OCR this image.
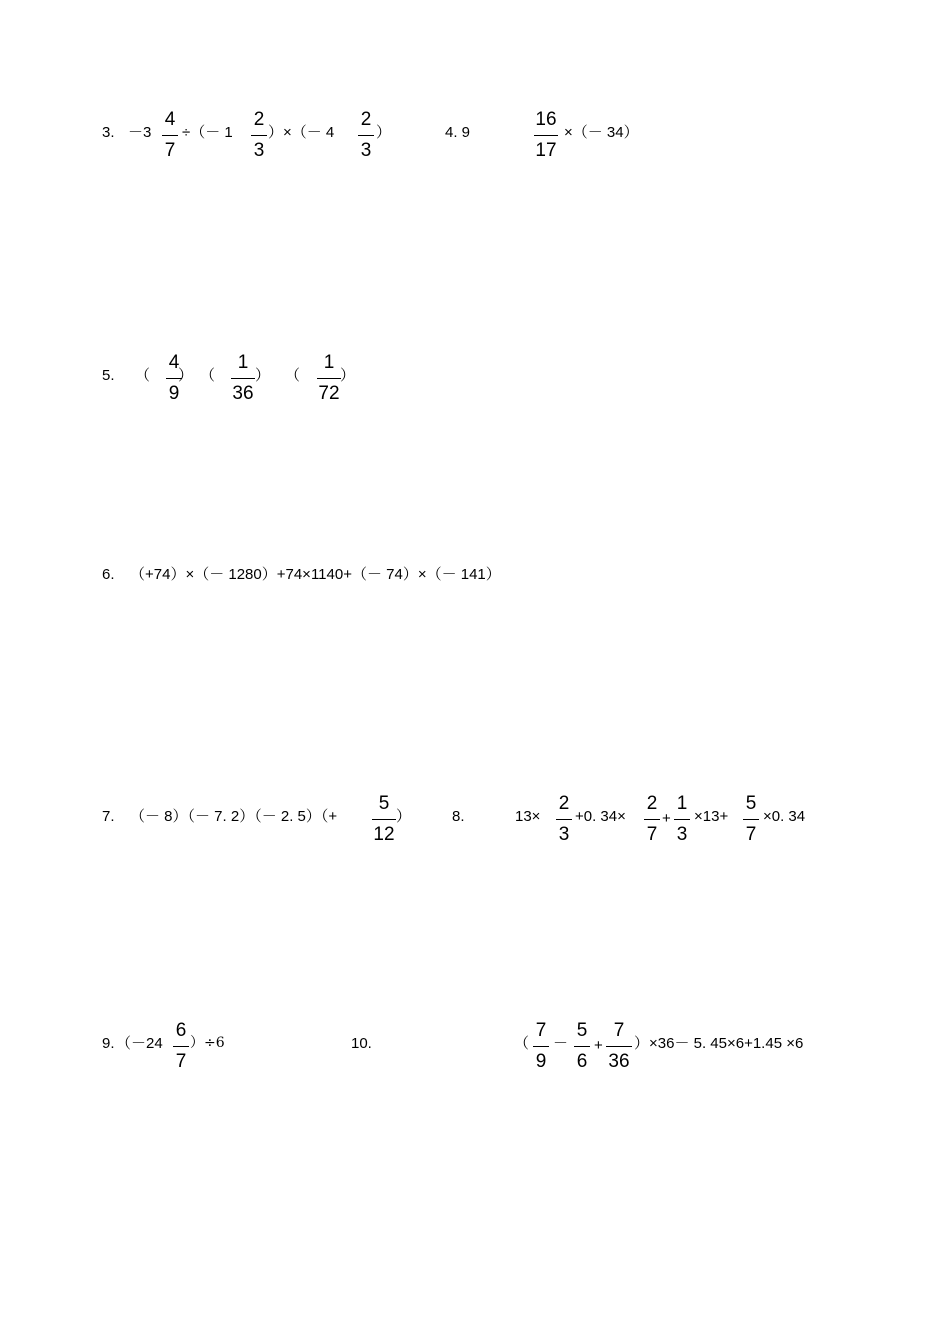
3. －3
4
7
÷（－ 1
2
3
）×（－ 4
2
3
）	4. 9
16
17
×（－ 34）
5. （
4
9
） （
1
36
） （
1
72
）
6. （+74）×（－ 1280）+74×1140+（－ 74）×（－ 141）
7. （－ 8）（－ 7. 2）（－ 2. 5）（+
5
12
）	8.	13×
2
3
+0. 34×
2
7
+
1
3
×13+
5
7
×0. 34
9. （－24
6
7
）÷6	10.	（
7
9
－
5
6
+
7
36
）×36－ 5. 45×6+1.45 ×6
